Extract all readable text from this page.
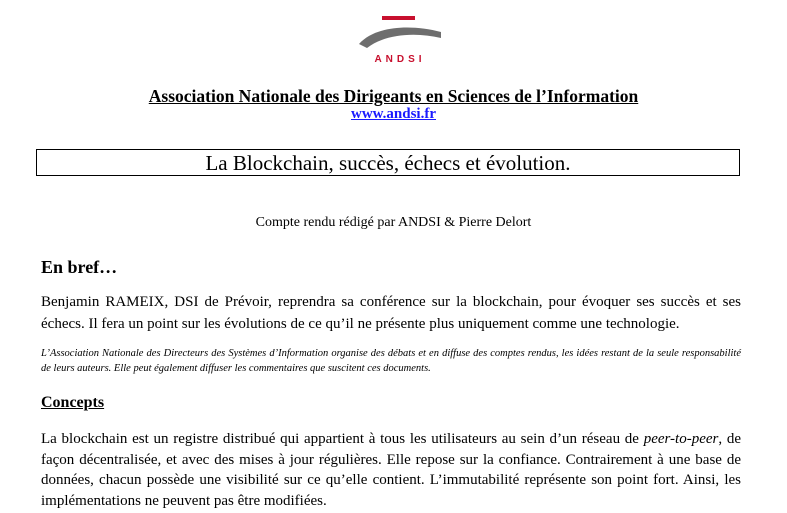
ANDSI
Association Nationale des Dirigeants en Sciences de l’Information
www.andsi.fr
La Blockchain, succès, échecs et évolution.
Compte rendu rédigé par ANDSI & Pierre Delort
En bref…
Benjamin RAMEIX, DSI de Prévoir, reprendra sa conférence sur la blockchain, pour évoquer ses succès et ses échecs. Il fera un point sur les évolutions de ce qu’il ne présente plus uniquement comme une technologie.
L’Association Nationale des Directeurs des Systèmes d’Information organise des débats et en diffuse des comptes rendus, les idées restant de la seule responsabilité de leurs auteurs. Elle peut également diffuser les commentaires que suscitent ces documents.
Concepts
La blockchain est un registre distribué qui appartient à tous les utilisateurs au sein d’un réseau de peer-to-peer, de façon décentralisée, et avec des mises à jour régulières. Elle repose sur la confiance. Contrairement à une base de données, chacun possède une visibilité sur ce qu’elle contient. L’immutabilité représente son point fort. Ainsi, les implémentations ne peuvent pas être modifiées.
